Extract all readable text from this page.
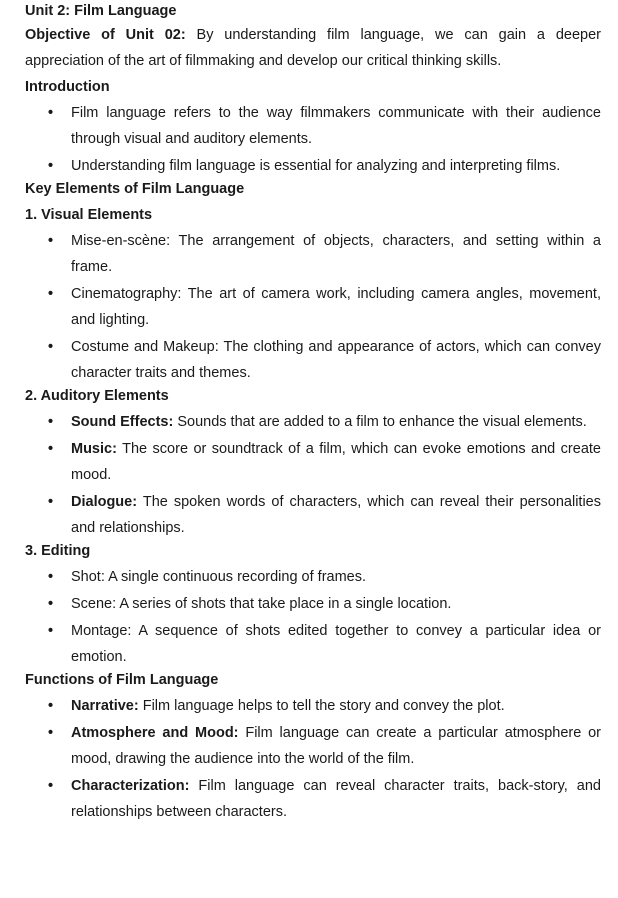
Unit 2: Film Language

Objective of Unit 02: By understanding film language, we can gain a deeper appreciation of the art of filmmaking and develop our critical thinking skills.

Introduction
• Film language refers to the way filmmakers communicate with their audience through visual and auditory elements.
• Understanding film language is essential for analyzing and interpreting films.
Key Elements of Film Language
1. Visual Elements
• Mise-en-scène: The arrangement of objects, characters, and setting within a frame.
• Cinematography: The art of camera work, including camera angles, movement, and lighting.
• Costume and Makeup: The clothing and appearance of actors, which can convey character traits and themes.
2. Auditory Elements
• Sound Effects: Sounds that are added to a film to enhance the visual elements.
• Music: The score or soundtrack of a film, which can evoke emotions and create mood.
• Dialogue: The spoken words of characters, which can reveal their personalities and relationships.
3. Editing
• Shot: A single continuous recording of frames.
• Scene: A series of shots that take place in a single location.
• Montage: A sequence of shots edited together to convey a particular idea or emotion.
Functions of Film Language
• Narrative: Film language helps to tell the story and convey the plot.
• Atmosphere and Mood: Film language can create a particular atmosphere or mood, drawing the audience into the world of the film.
• Characterization: Film language can reveal character traits, back-story, and relationships between characters.
